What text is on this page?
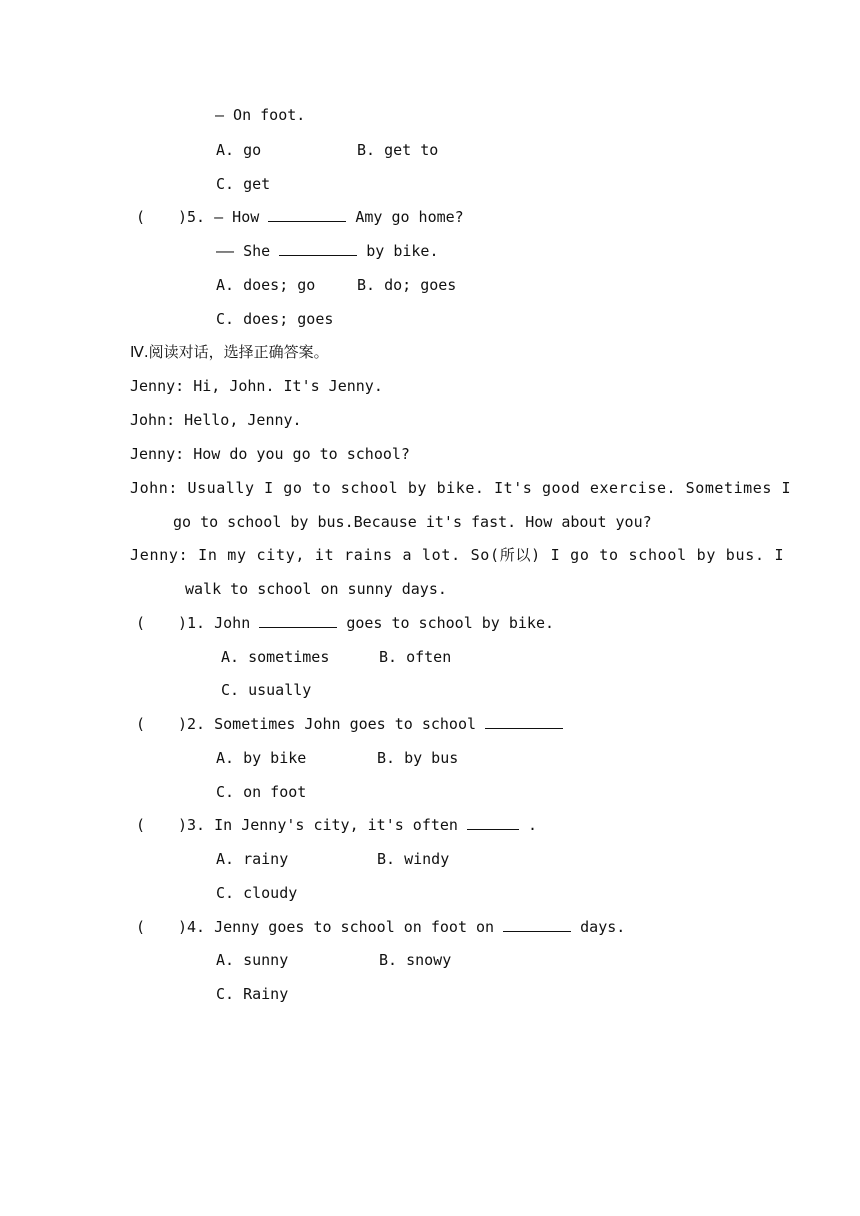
— On foot.
A. go	B. get to
C. get
( )5. — How	Amy go home?
—— She	by bike.
A. does; go	B. do; goes
C. does; goes
Ⅳ.阅读对话，选择正确答案。
Jenny: Hi, John. It's Jenny.
John: Hello, Jenny.
Jenny: How do you go to school?
John: Usually I go to school by bike. It's good exercise. Sometimes I
go to school by bus.Because it's fast. How about you?
Jenny: In my city, it rains a lot. So(所以) I go to school by bus. I
walk to school on sunny days.
( )1. John	goes to school by bike.
A. sometimes	B. often
C. usually
( )2. Sometimes John goes to school
A. by bike	B. by bus
C. on foot
( )3. In Jenny's city, it's often	.
A. rainy	B. windy
C. cloudy
( )4. Jenny goes to school on foot on	days.
A. sunny	B. snowy
C. Rainy
